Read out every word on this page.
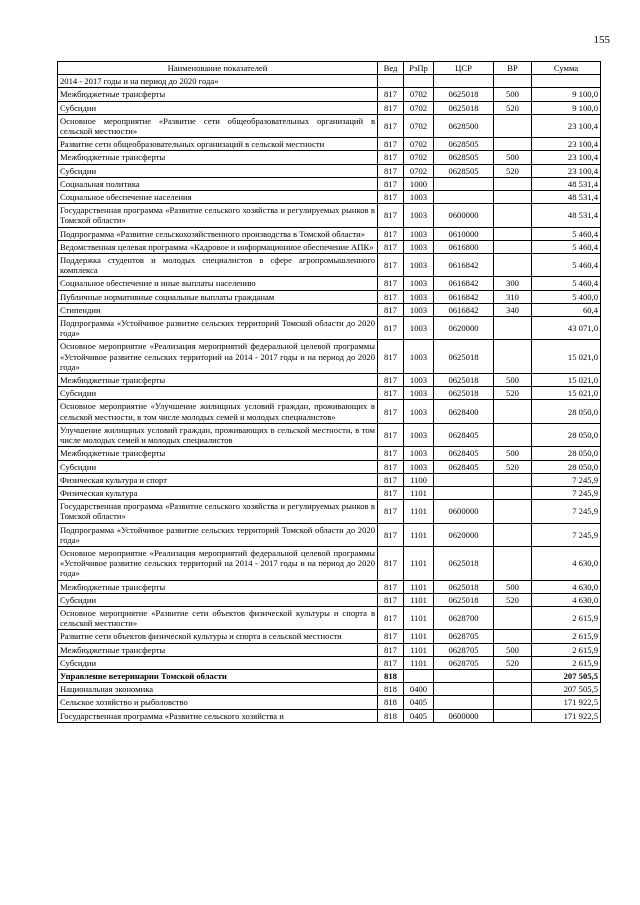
155
Наименование показателей	Вед	РзПр	ЦСР	ВР	Сумма
2014 - 2017 годы и на период до 2020 года»					
Межбюджетные трансферты	817	0702	0625018	500	9 100,0
Субсидии	817	0702	0625018	520	9 100,0
Основное мероприятие «Развитие сети общеобразовательных организаций в сельской местности»	817	0702	0628500		23 100,4
Развитие сети общеобразовательных организаций в сельской местности	817	0702	0628505		23 100,4
Межбюджетные трансферты	817	0702	0628505	500	23 100,4
Субсидии	817	0702	0628505	520	23 100,4
Социальная политика	817	1000			48 531,4
Социальное обеспечение населения	817	1003			48 531,4
Государственная программа «Развитие сельского хозяйства и регулируемых рынков в Томской области»	817	1003	0600000		48 531,4
Подпрограмма «Развитие сельскохозяйственного производства в Томской области»	817	1003	0610000		5 460,4
Ведомственная целевая программа «Кадровое и информационное обеспечение АПК»	817	1003	0616800		5 460,4
Поддержка студентов и молодых специалистов в сфере агропромышленного комплекса	817	1003	0616842		5 460,4
Социальное обеспечение и иные выплаты населению	817	1003	0616842	300	5 460,4
Публичные нормативные социальные выплаты гражданам	817	1003	0616842	310	5 400,0
Стипендии	817	1003	0616842	340	60,4
Подпрограмма «Устойчивое развитие сельских территорий Томской области до 2020 года»	817	1003	0620000		43 071,0
Основное мероприятие «Реализация мероприятий федеральной целевой программы «Устойчивое развитие сельских территорий на 2014 - 2017 годы и на период до 2020 года»	817	1003	0625018		15 021,0
Межбюджетные трансферты	817	1003	0625018	500	15 021,0
Субсидии	817	1003	0625018	520	15 021,0
Основное мероприятие «Улучшение жилищных условий граждан, проживающих в сельской местности, в том числе молодых семей и молодых специалистов»	817	1003	0628400		28 050,0
Улучшение жилищных условий граждан, проживающих в сельской местности, в том числе молодых семей и молодых специалистов	817	1003	0628405		28 050,0
Межбюджетные трансферты	817	1003	0628405	500	28 050,0
Субсидии	817	1003	0628405	520	28 050,0
Физическая культура и спорт	817	1100			7 245,9
Физическая культура	817	1101			7 245,9
Государственная программа «Развитие сельского хозяйства и регулируемых рынков в Томской области»	817	1101	0600000		7 245,9
Подпрограмма «Устойчивое развитие сельских территорий Томской области до 2020 года»	817	1101	0620000		7 245,9
Основное мероприятие «Реализация мероприятий федеральной целевой программы «Устойчивое развитие сельских территорий на 2014 - 2017 годы и на период до 2020 года»	817	1101	0625018		4 630,0
Межбюджетные трансферты	817	1101	0625018	500	4 630,0
Субсидии	817	1101	0625018	520	4 630,0
Основное мероприятие «Развитие сети объектов физической культуры и спорта в сельской местности»	817	1101	0628700		2 615,9
Развитие сети объектов физической культуры и спорта в сельской местности	817	1101	0628705		2 615,9
Межбюджетные трансферты	817	1101	0628705	500	2 615,9
Субсидии	817	1101	0628705	520	2 615,9
Управление ветеринарии Томской области	818				207 505,5
Национальная экономика	818	0400			207 505,5
Сельское хозяйство и рыболовство	818	0405			171 922,5
Государственная программа «Развитие сельского хозяйства и	818	0405	0600000		171 922,5
